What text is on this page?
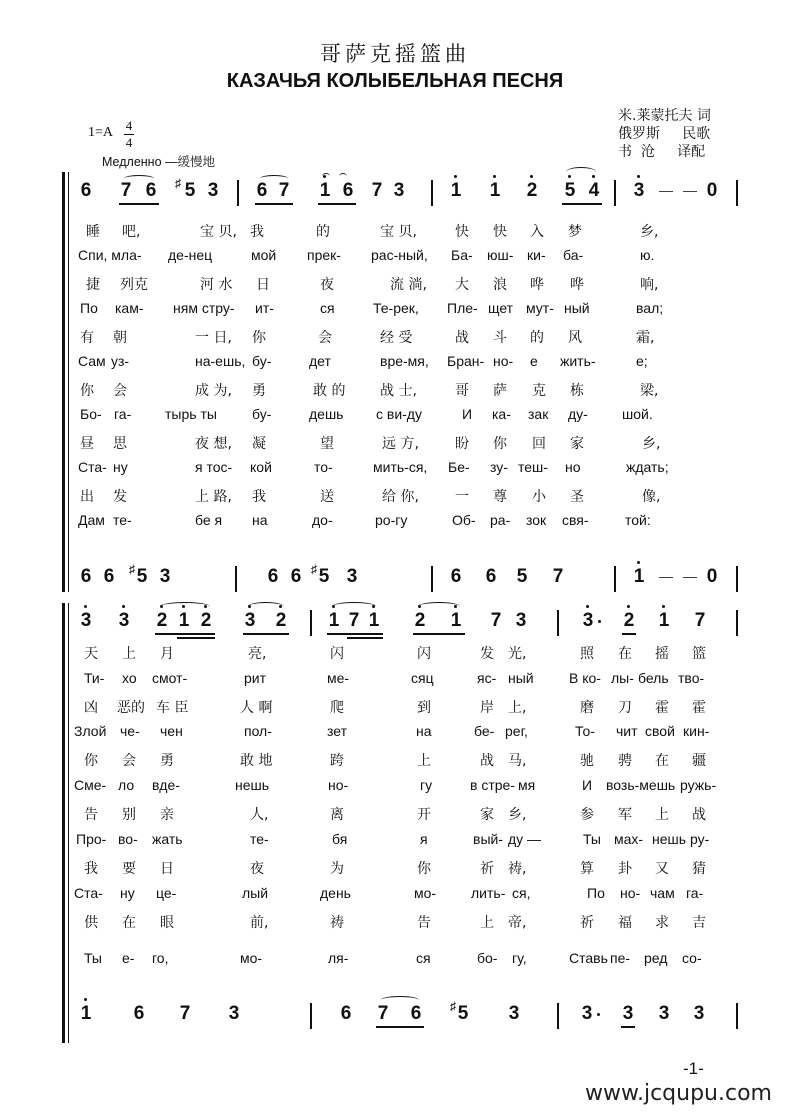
哥萨克摇篮曲
КАЗАЧЬЯ КОЛЫБЕЛЬНАЯ ПЕСНЯ
1=A 4
4
Медленно —缓慢地
米.莱蒙托夫 词
俄罗斯     民歌
书  沧     译配
6 7 6 ♯ 5 3 6 7 1 6 7 3 1 1 2 5 4 3 — — 0
睡 吧,	宝 贝, 我	的	宝 贝,	快 快 入 梦	乡,
Спи, мла- де-нец	мой прек- рас-ный, Ба- юш- ки- ба-	ю.
捷 列克	河 水 日	夜	流 淌, 大 浪 哗 哗	响,
По кам- ням стру- ит-	ся	Те-рек, Пле- щет мут- ный	вал;
有 朝	一 日, 你	会	经 受	战 斗 的 风	霜,
Сам уз-	на-ешь, бу-	дет	вре-мя, Бран- но- е жить-	е;
你 会	成 为, 勇	敢 的 战 士,	哥 萨 克 栋	梁,
Бо- га- тырь ты	бу-	дешь с ви-ду	И ка- зак ду- шой.
昼 思	夜 想, 凝	望	远 方,	盼 你 回 家	乡,
Ста- ну	я тос- кой	то-	мить-ся, Бе- зу- теш- но	ждать;
出 发	上 路, 我	送	给 你,	一 尊 小 圣	像,
Дам те-	бе я на	до-	ро-гу	Об- ра- зок свя-	той:
6 6 ♯ 5 3	6 6 ♯ 5 3	6 6 5 7	1 — — 0
3 3 2 1 2 3 2 1 7 1 2 1 7 3	3 2 1 7
天 上 月	亮,	闪	闪	发 光,	照 在 摇 篮
Ти- хо смот-	рит	ме-	сяц	яс- ный	В ко- лы- бель тво-
凶 恶的 车 臣	人 啊	爬	到	岸 上,	磨 刀 霍 霍
Злой че- чен	пол-	зет	на	бе- рег,	То- чит свой кин-
你 会 勇	敢 地	跨	上	战 马,	驰 骋 在 疆
Сме- ло вде-	нешь	но-	гу	в стре- мя	И возь-мешь ружь-
告 别 亲	人,	离	开	家 乡,	参 军 上 战
Про- во- жать	те-	бя	я	вый- ду —	Ты мах- нешь ру-
我 要 日	夜	为	你	祈 祷,	算 卦 又 猜
Ста- ну це-	лый	день	мо- лить- ся,	По но- чам га-
供 在 眼	前,	祷	告	上 帝,	祈 福 求 吉
Ты е- го,	мо-	ля-	ся	бо- гу,	Ставь пе- ред со-
1 6 7 3	6 7 6 ♯ 5 3	3 3 3 3
-1-
www.jcqupu.com
